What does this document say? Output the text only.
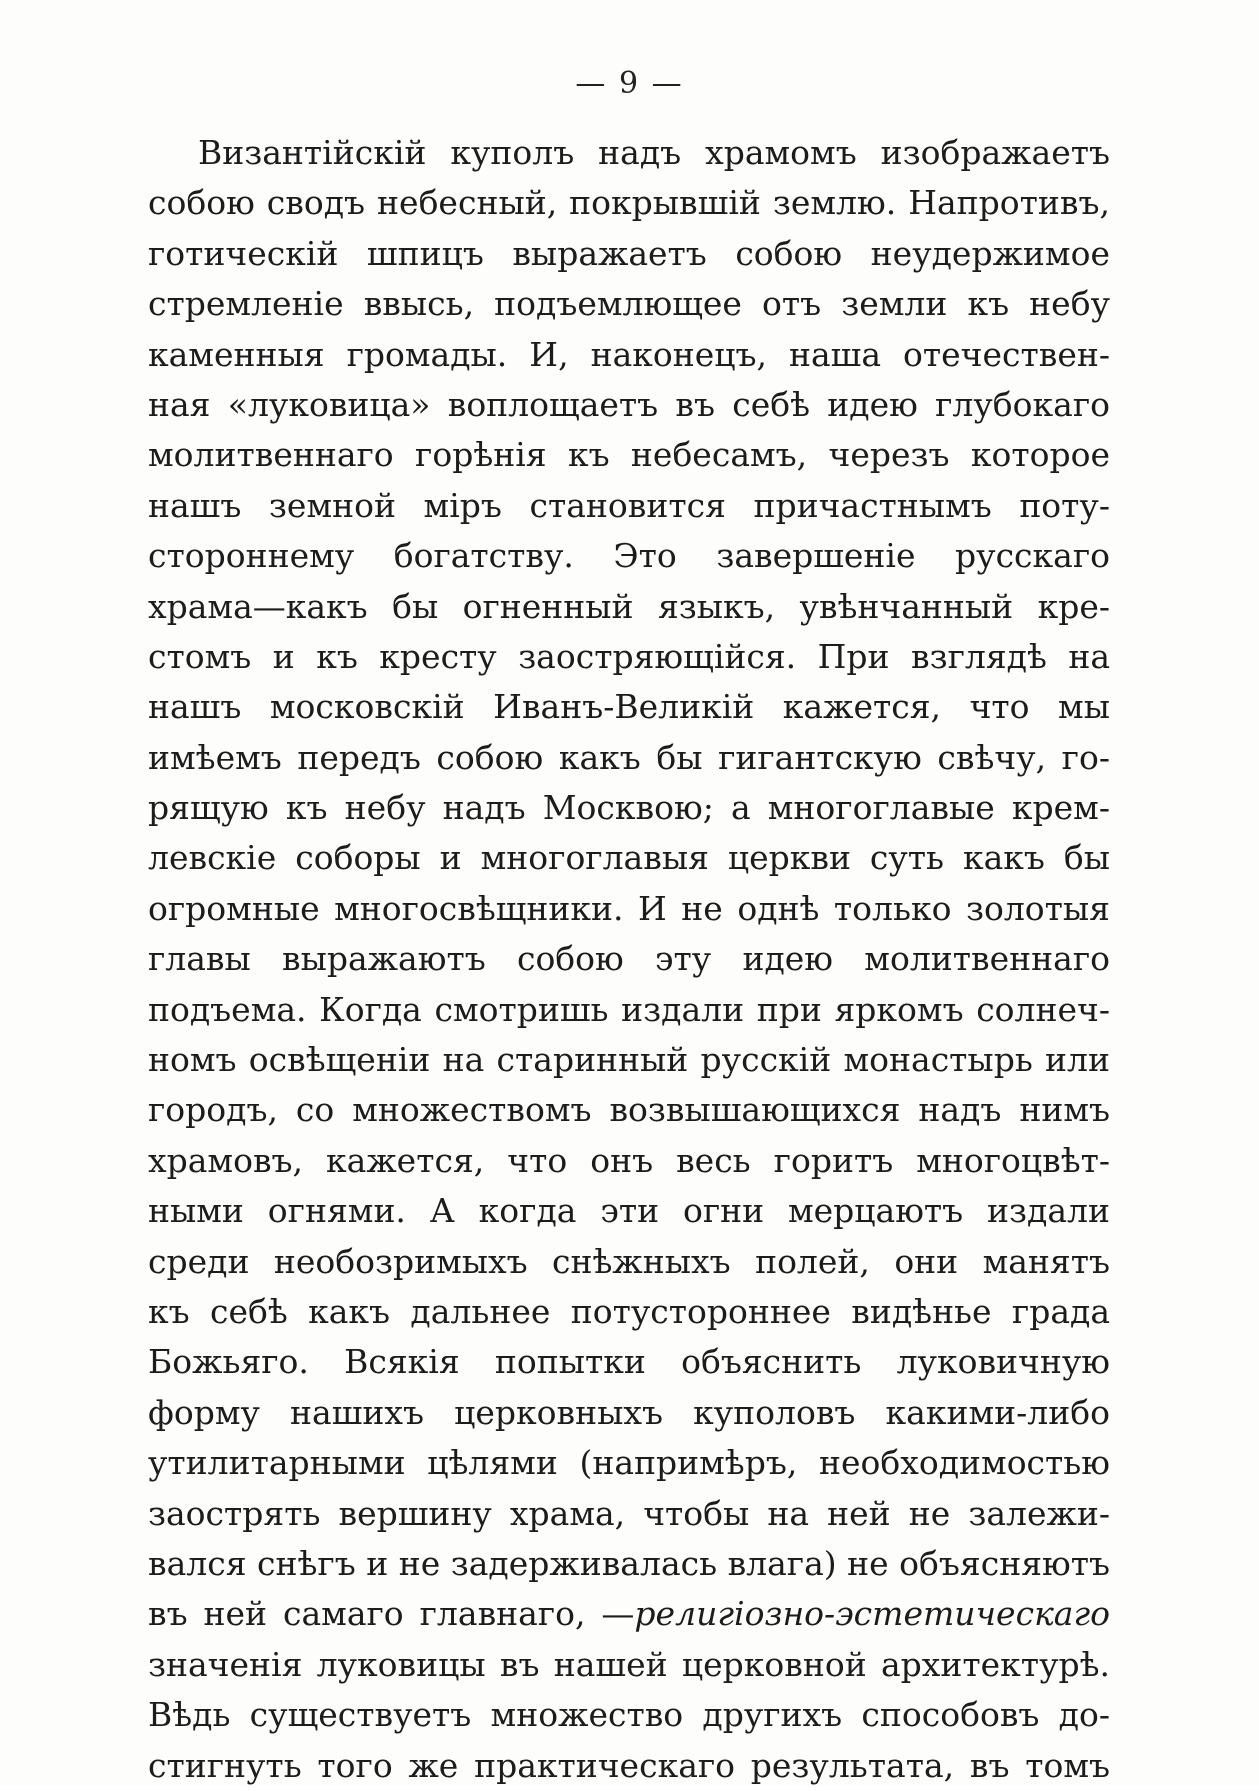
— 9 —
Византійскій куполъ надъ храмомъ изображаетъ
собою сводъ небесный, покрывшій землю. Напротивъ,
готическій шпицъ выражаетъ собою неудержимое
стремленіе ввысь, подъемлющее отъ земли къ небу
каменныя громады. И, наконецъ, наша отечествен-
ная «луковица» воплощаетъ въ себѣ идею глубокаго
молитвеннаго горѣнія къ небесамъ, черезъ которое
нашъ земной міръ становится причастнымъ поту-
стороннему богатству. Это завершеніе русскаго
храма—какъ бы огненный языкъ, увѣнчанный кре-
стомъ и къ кресту заостряющійся. При взглядѣ на
нашъ московскій Иванъ-Великій кажется, что мы
имѣемъ передъ собою какъ бы гигантскую свѣчу, го-
рящую къ небу надъ Москвою; а многоглавые крем-
левскіе соборы и многоглавыя церкви суть какъ бы
огромные многосвѣщники. И не однѣ только золотыя
главы выражаютъ собою эту идею молитвеннаго
подъема. Когда смотришь издали при яркомъ солнеч-
номъ освѣщеніи на старинный русскій монастырь или
городъ, со множествомъ возвышающихся надъ нимъ
храмовъ, кажется, что онъ весь горитъ многоцвѣт-
ными огнями. А когда эти огни мерцаютъ издали
среди необозримыхъ снѣжныхъ полей, они манятъ
къ себѣ какъ дальнее потустороннее видѣнье града
Божьяго. Всякія попытки объяснить луковичную
форму нашихъ церковныхъ куполовъ какими-либо
утилитарными цѣлями (напримѣръ, необходимостью
заострять вершину храма, чтобы на ней не залежи-
вался снѣгъ и не задерживалась влага) не объясняютъ
въ ней самаго главнаго, —религіозно-эстетическаго
значенія луковицы въ нашей церковной архитектурѣ.
Вѣдь существуетъ множество другихъ способовъ до-
стигнуть того же практическаго результата, въ томъ
